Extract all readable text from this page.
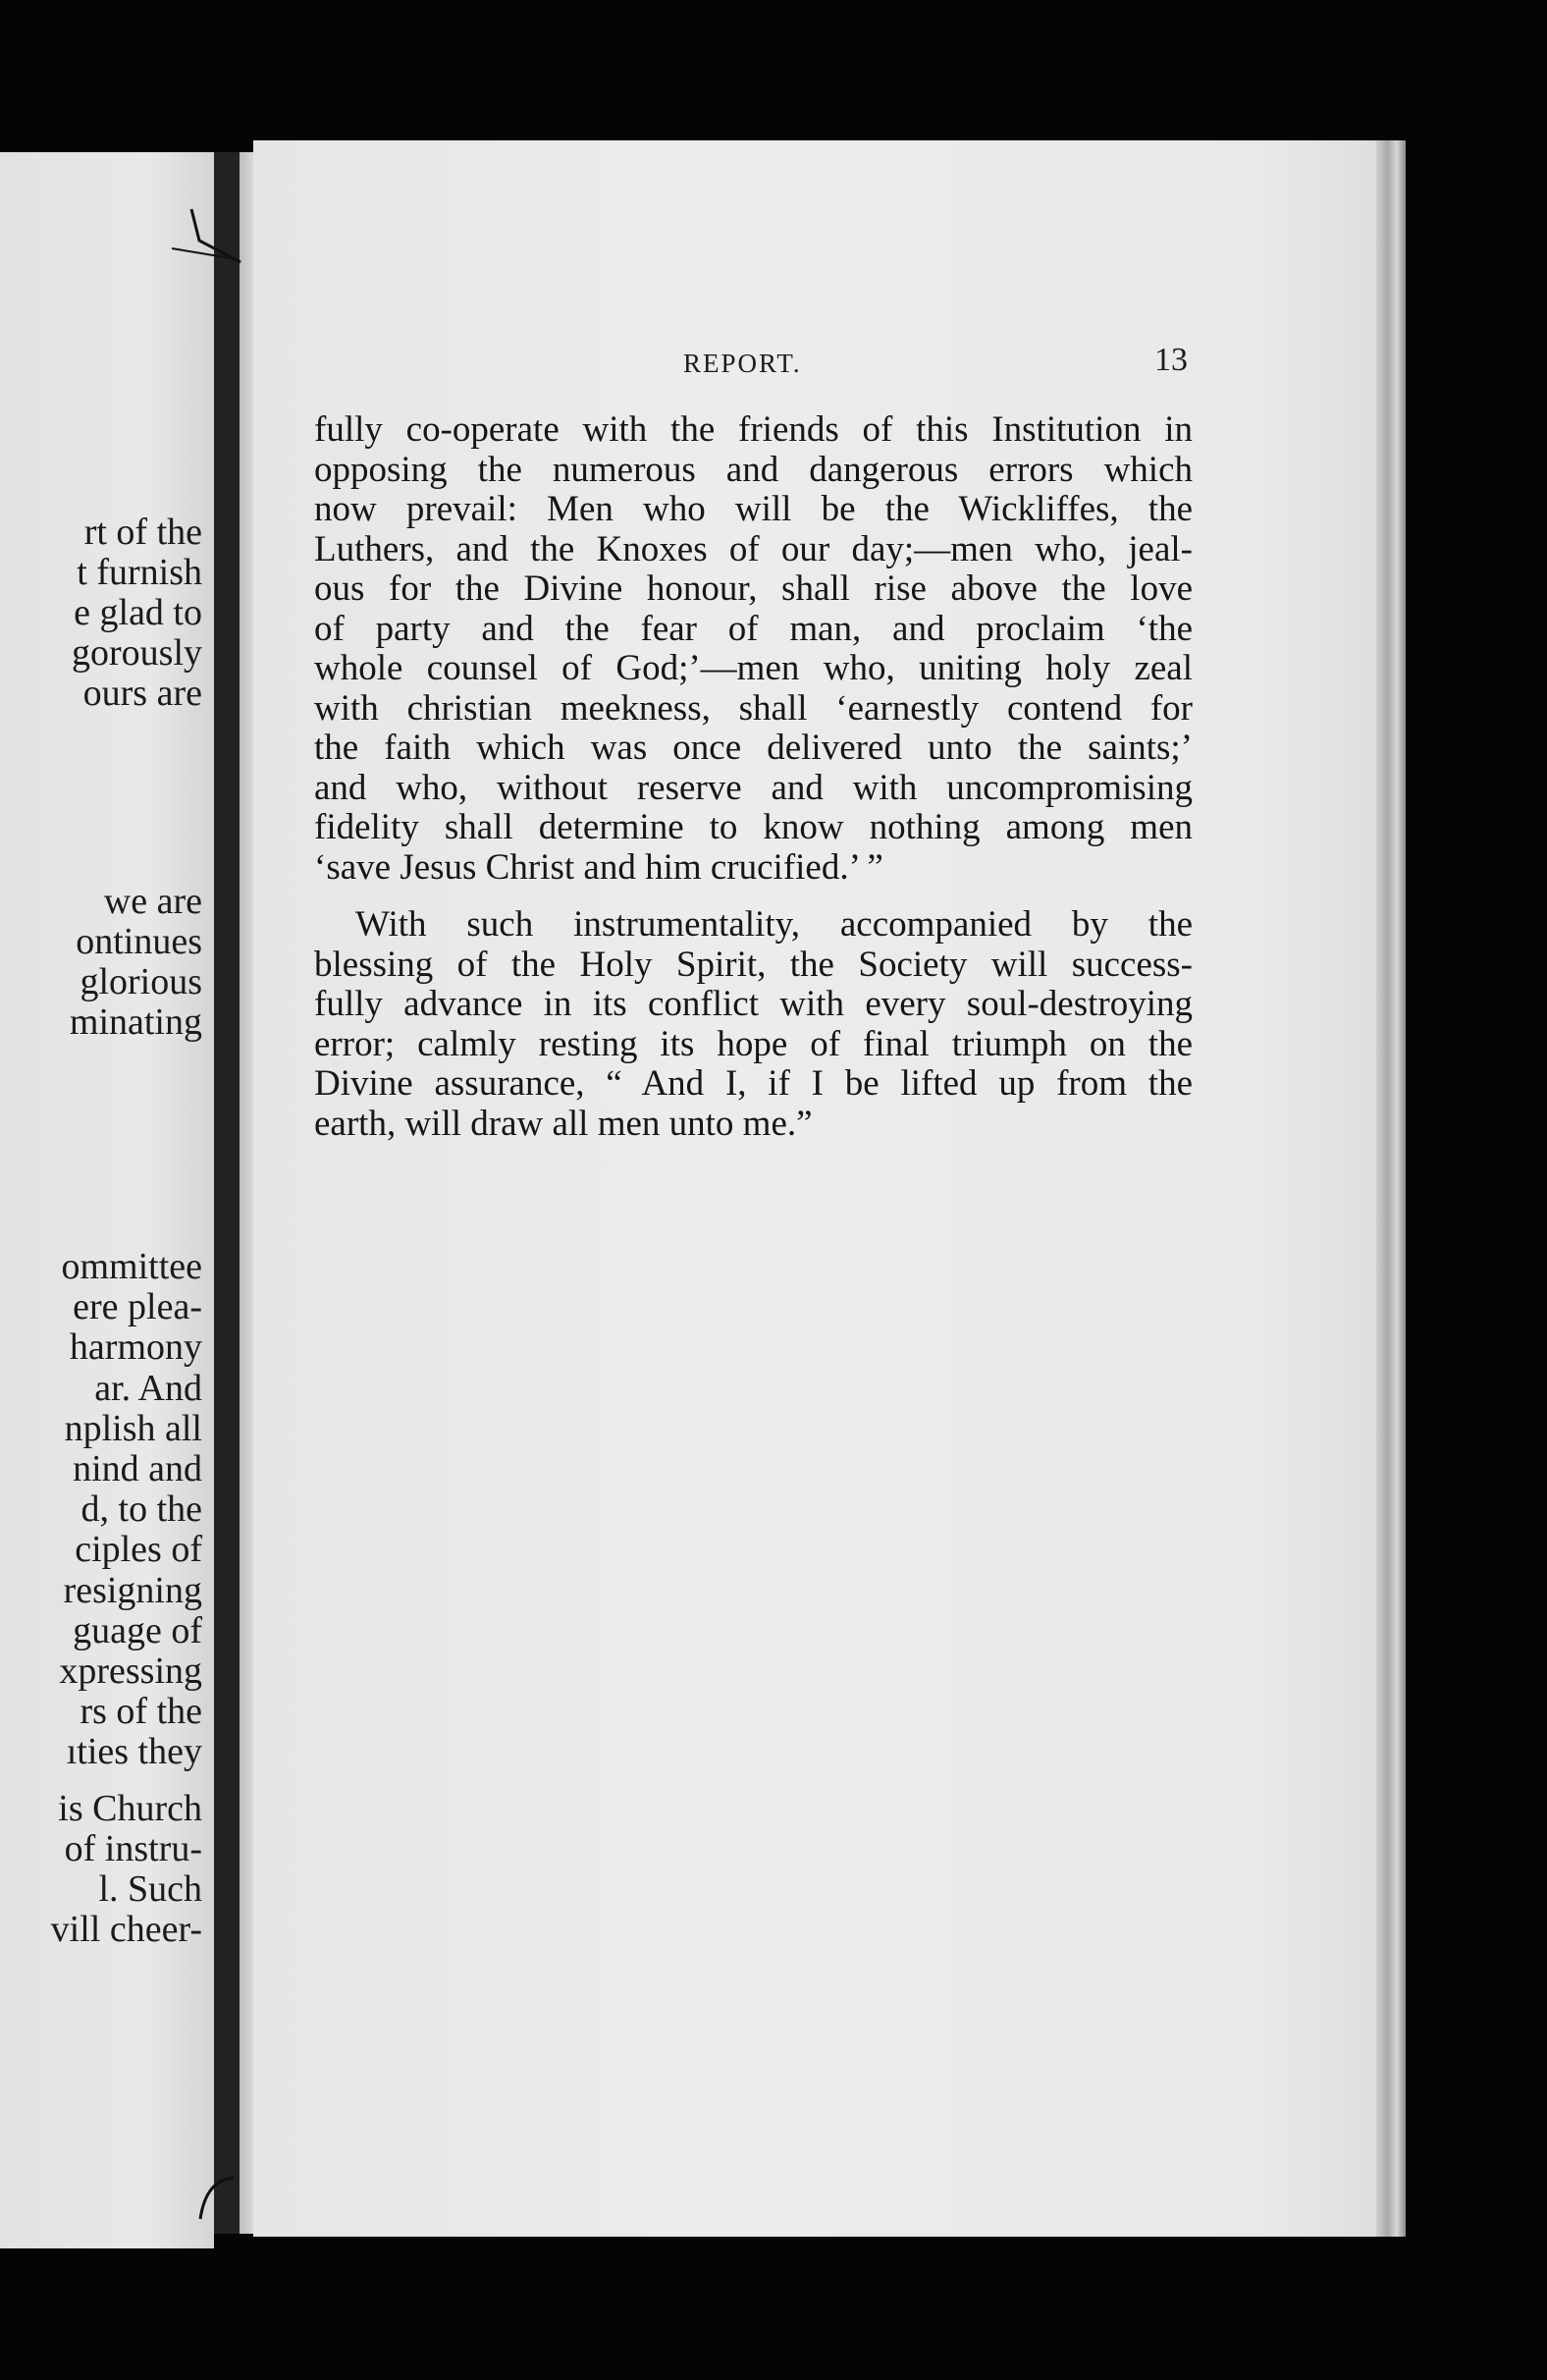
rt of the

t furnish

e glad to

gorously

ours are

we are

ontinues

glorious

minating

ommittee

ere plea-

harmony

ar. And

nplish all

nind and

d, to the

ciples of

resigning

guage of

xpressing

rs of the

ıties they

is Church

of instru-

l. Such

vill cheer-

REPORT.	13

fully co-operate with the friends of this Institution in
opposing the numerous and dangerous errors which
now prevail: Men who will be the Wickliffes, the
Luthers, and the Knoxes of our day;—men who, jeal-
ous for the Divine honour, shall rise above the love
of party and the fear of man, and proclaim ‘the
whole counsel of God;’—men who, uniting holy zeal
with christian meekness, shall ‘earnestly contend for
the faith which was once delivered unto the saints;’
and who, without reserve and with uncompromising
fidelity shall determine to know nothing among men
‘save Jesus Christ and him crucified.’ ”
With such instrumentality, accompanied by the
blessing of the Holy Spirit, the Society will success-
fully advance in its conflict with every soul-destroying
error; calmly resting its hope of final triumph on the
Divine assurance, “ And I, if I be lifted up from the
earth, will draw all men unto me.”
